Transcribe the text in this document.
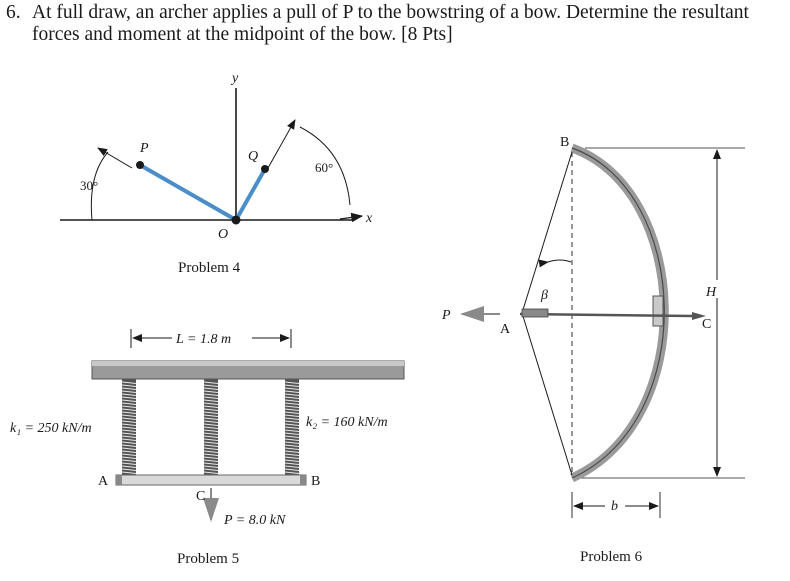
6. At full draw, an archer applies a pull of P to the bowstring of a bow. Determine the resultant
forces and moment at the midpoint of the bow. [8 Pts]
y
P
Q
O
x
30°
60°
Problem 4
L = 1.8 m
k₁ = 250 kN/m	k₂ = 160 kN/m
A	B
C
P = 8.0 kN
Problem 5
B
A	C
P
H
b
β
Problem 6
